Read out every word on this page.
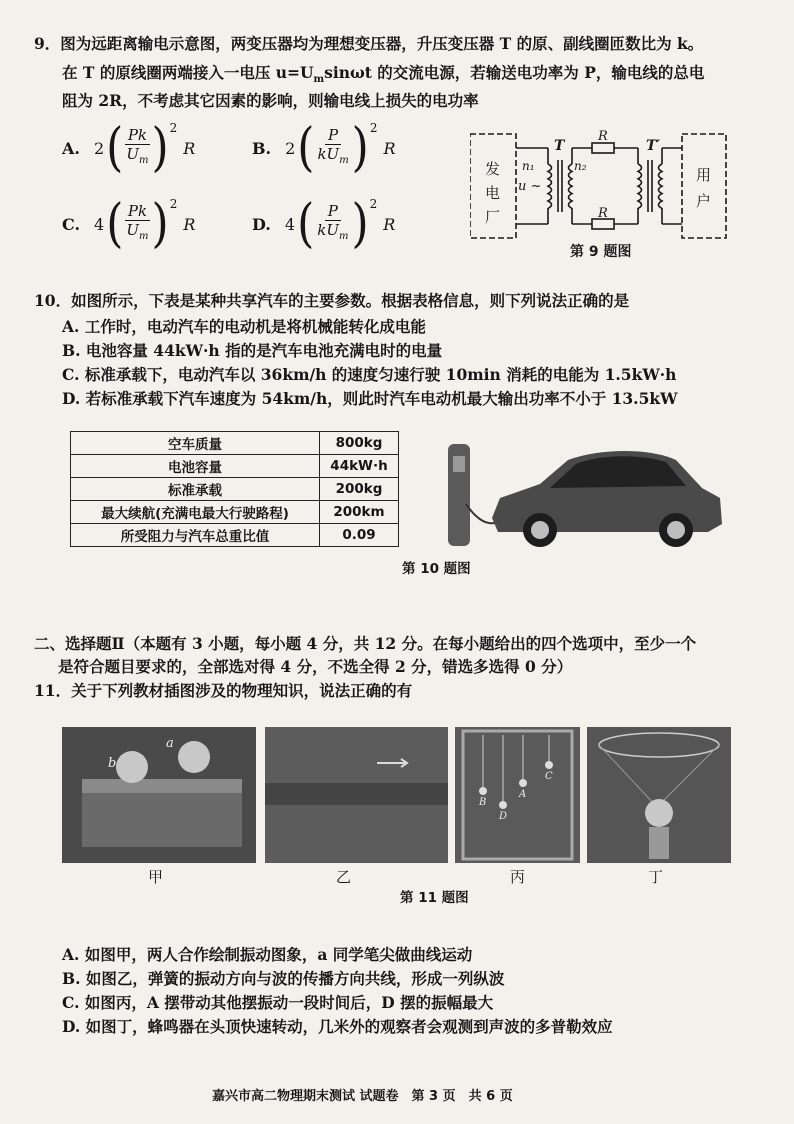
9．图为远距离输电示意图，两变压器均为理想变压器，升压变压器 T 的原、副线圈匝数比为 k。
在 T 的原线圈两端接入一电压 $u=U_m\sin\omega t$ 的交流电源，若输送电功率为 P，输电线的总电
阻为 2R，不考虑其它因素的影响，则输电线上损失的电功率
A. 2 ( $\frac{Pk}{U_m}$ ) 2
R	B. 2 ( $\frac{P}{kU_m}$ ) 2
R
C. 4 ( $\frac{Pk}{U_m}$ ) 2
R	D. 4 ( $\frac{P}{kU_m}$ ) 2
R
发
电
厂
u ~
n₁	n₂
T	T′
R
R
用
户
第 9 题图
10．如图所示，下表是某种共享汽车的主要参数。根据表格信息，则下列说法正确的是
A. 工作时，电动汽车的电动机是将机械能转化成电能
B. 电池容量 44kW·h 指的是汽车电池充满电时的电量
C. 标准承载下，电动汽车以 36km/h 的速度匀速行驶 10min 消耗的电能为 1.5kW·h
D. 若标准承载下汽车速度为 54km/h，则此时汽车电动机最大输出功率不小于 13.5kW
空车质量	800kg
电池容量	44kW·h
标准承载	200kg
最大续航(充满电最大行驶路程)	200km
所受阻力与汽车总重比值	0.09
第 10 题图
二、选择题Ⅱ（本题有 3 小题，每小题 4 分，共 12 分。在每小题给出的四个选项中，至少一个
是符合题目要求的，全部选对得 4 分，不选全得 2 分，错选多选得 0 分）
11．关于下列教材插图涉及的物理知识，说法正确的有
b
a
B
A
C
D
甲	乙	丙	丁
第 11 题图
A. 如图甲，两人合作绘制振动图象，a 同学笔尖做曲线运动
B. 如图乙，弹簧的振动方向与波的传播方向共线，形成一列纵波
C. 如图丙，A 摆带动其他摆振动一段时间后，D 摆的振幅最大
D. 如图丁，蜂鸣器在头顶快速转动，几米外的观察者会观测到声波的多普勒效应
嘉兴市高二物理期末测试 试题卷　第 3 页　共 6 页
